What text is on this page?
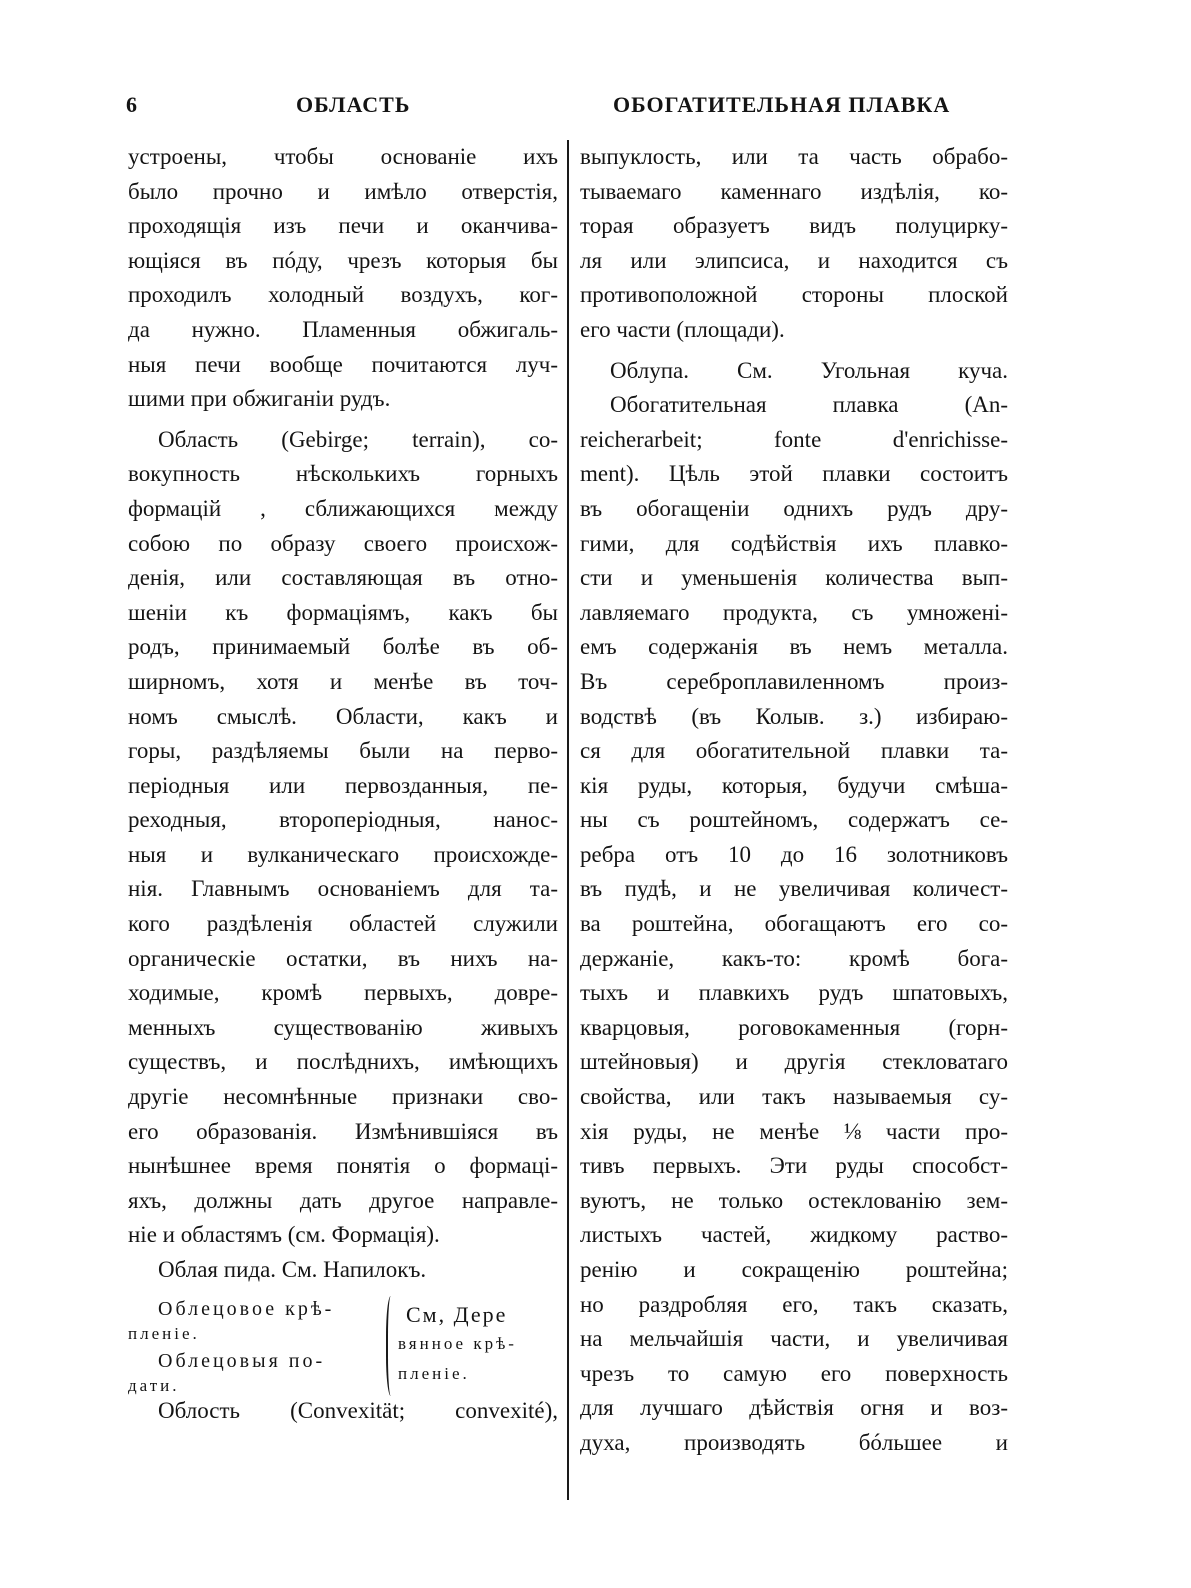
6	ОБЛАСТЬ	ОБОГАТИТЕЛЬНАЯ ПЛАВКА
устроены, чтобы основанie ихъ
было прочно и имѣло отверстiя,
проходящiя изъ печи и оканчива-
ющiяся въ пóду, чрезъ которыя бы
проходилъ холодный воздухъ, ког-
да нужно. Пламенныя обжигаль-
ныя печи вообще почитаются луч-
шими при обжиганiи рудъ.
Область (Gebirge; terrain), со-
вокупность нѣсколькихъ горныхъ
формацiй , сближающихся между
собою по образу своего происхож-
денiя, или составляющая въ отно-
шенiи къ формацiямъ, какъ бы
родъ, принимаемый болѣе въ об-
ширномъ, хотя и менѣе въ точ-
номъ смыслѣ. Области, какъ и
горы, раздѣляемы были на перво-
перiодныя или первозданныя, пе-
реходныя, второперiодныя, нанос-
ныя и вулканическаго происхожде-
нiя. Главнымъ основанiемъ для та-
кого раздѣленiя областей служили
органическiе остатки, въ нихъ на-
ходимые, кромѣ первыхъ, довре-
менныхъ существованiю живыхъ
существъ, и послѣднихъ, имѣющихъ
другiе несомнѣнные признаки сво-
его образованiя. Измѣнившiяся въ
нынѣшнее время понятiя о формацi-
яхъ, должны дать другое направле-
нiе и областямъ (см. Формацiя).
Облая пида. См. Напилокъ.
Облецовое крѣ-
пленiе.
Облецовыя по-
дати.
См, Дере
вянное крѣ-
пленiе.
Облость (Convexität; convexité),
выпуклость, или та часть обрабо-
тываемаго каменнаго издѣлiя, ко-
торая образуетъ видъ полуцирку-
ля или элипсиса, и находится съ
противоположной стороны плоской
его части (площади).
Облупа. См. Угольная куча.
Обогатительная плавка (An-
reicherarbeit; fonte d'enrichisse-
ment). Цѣль этой плавки состоитъ
въ обогащенiи однихъ рудъ дру-
гими, для содѣйствiя ихъ плавко-
сти и уменьшенiя количества вып-
лавляемаго продукта, съ умноженi-
емъ содержанiя въ немъ металла.
Въ сереброплавиленномъ произ-
водствѣ (въ Колыв. з.) избираю-
ся для обогатительной плавки та-
кiя руды, которыя, будучи смѣша-
ны съ роштейномъ, содержатъ се-
ребра отъ 10 до 16 золотниковъ
въ пудѣ, и не увеличивая количест-
ва роштейна, обогащаютъ его со-
держанiе, какъ-то: кромѣ бога-
тыхъ и плавкихъ рудъ шпатовыхъ,
кварцовыя, роговокаменныя (горн-
штейновыя) и другiя стекловатаго
свойства, или такъ называемыя су-
хiя руды, не менѣе ⅛ части про-
тивъ первыхъ. Эти руды способст-
вуютъ, не только остеклованiю зем-
листыхъ частей, жидкому раство-
ренiю и сокращенiю роштейна;
но раздробляя его, такъ сказать,
на мельчайшiя части, и увеличивая
чрезъ то самую его поверхность
для лучшаго дѣйствiя огня и воз-
духа, производять бóльшее и
